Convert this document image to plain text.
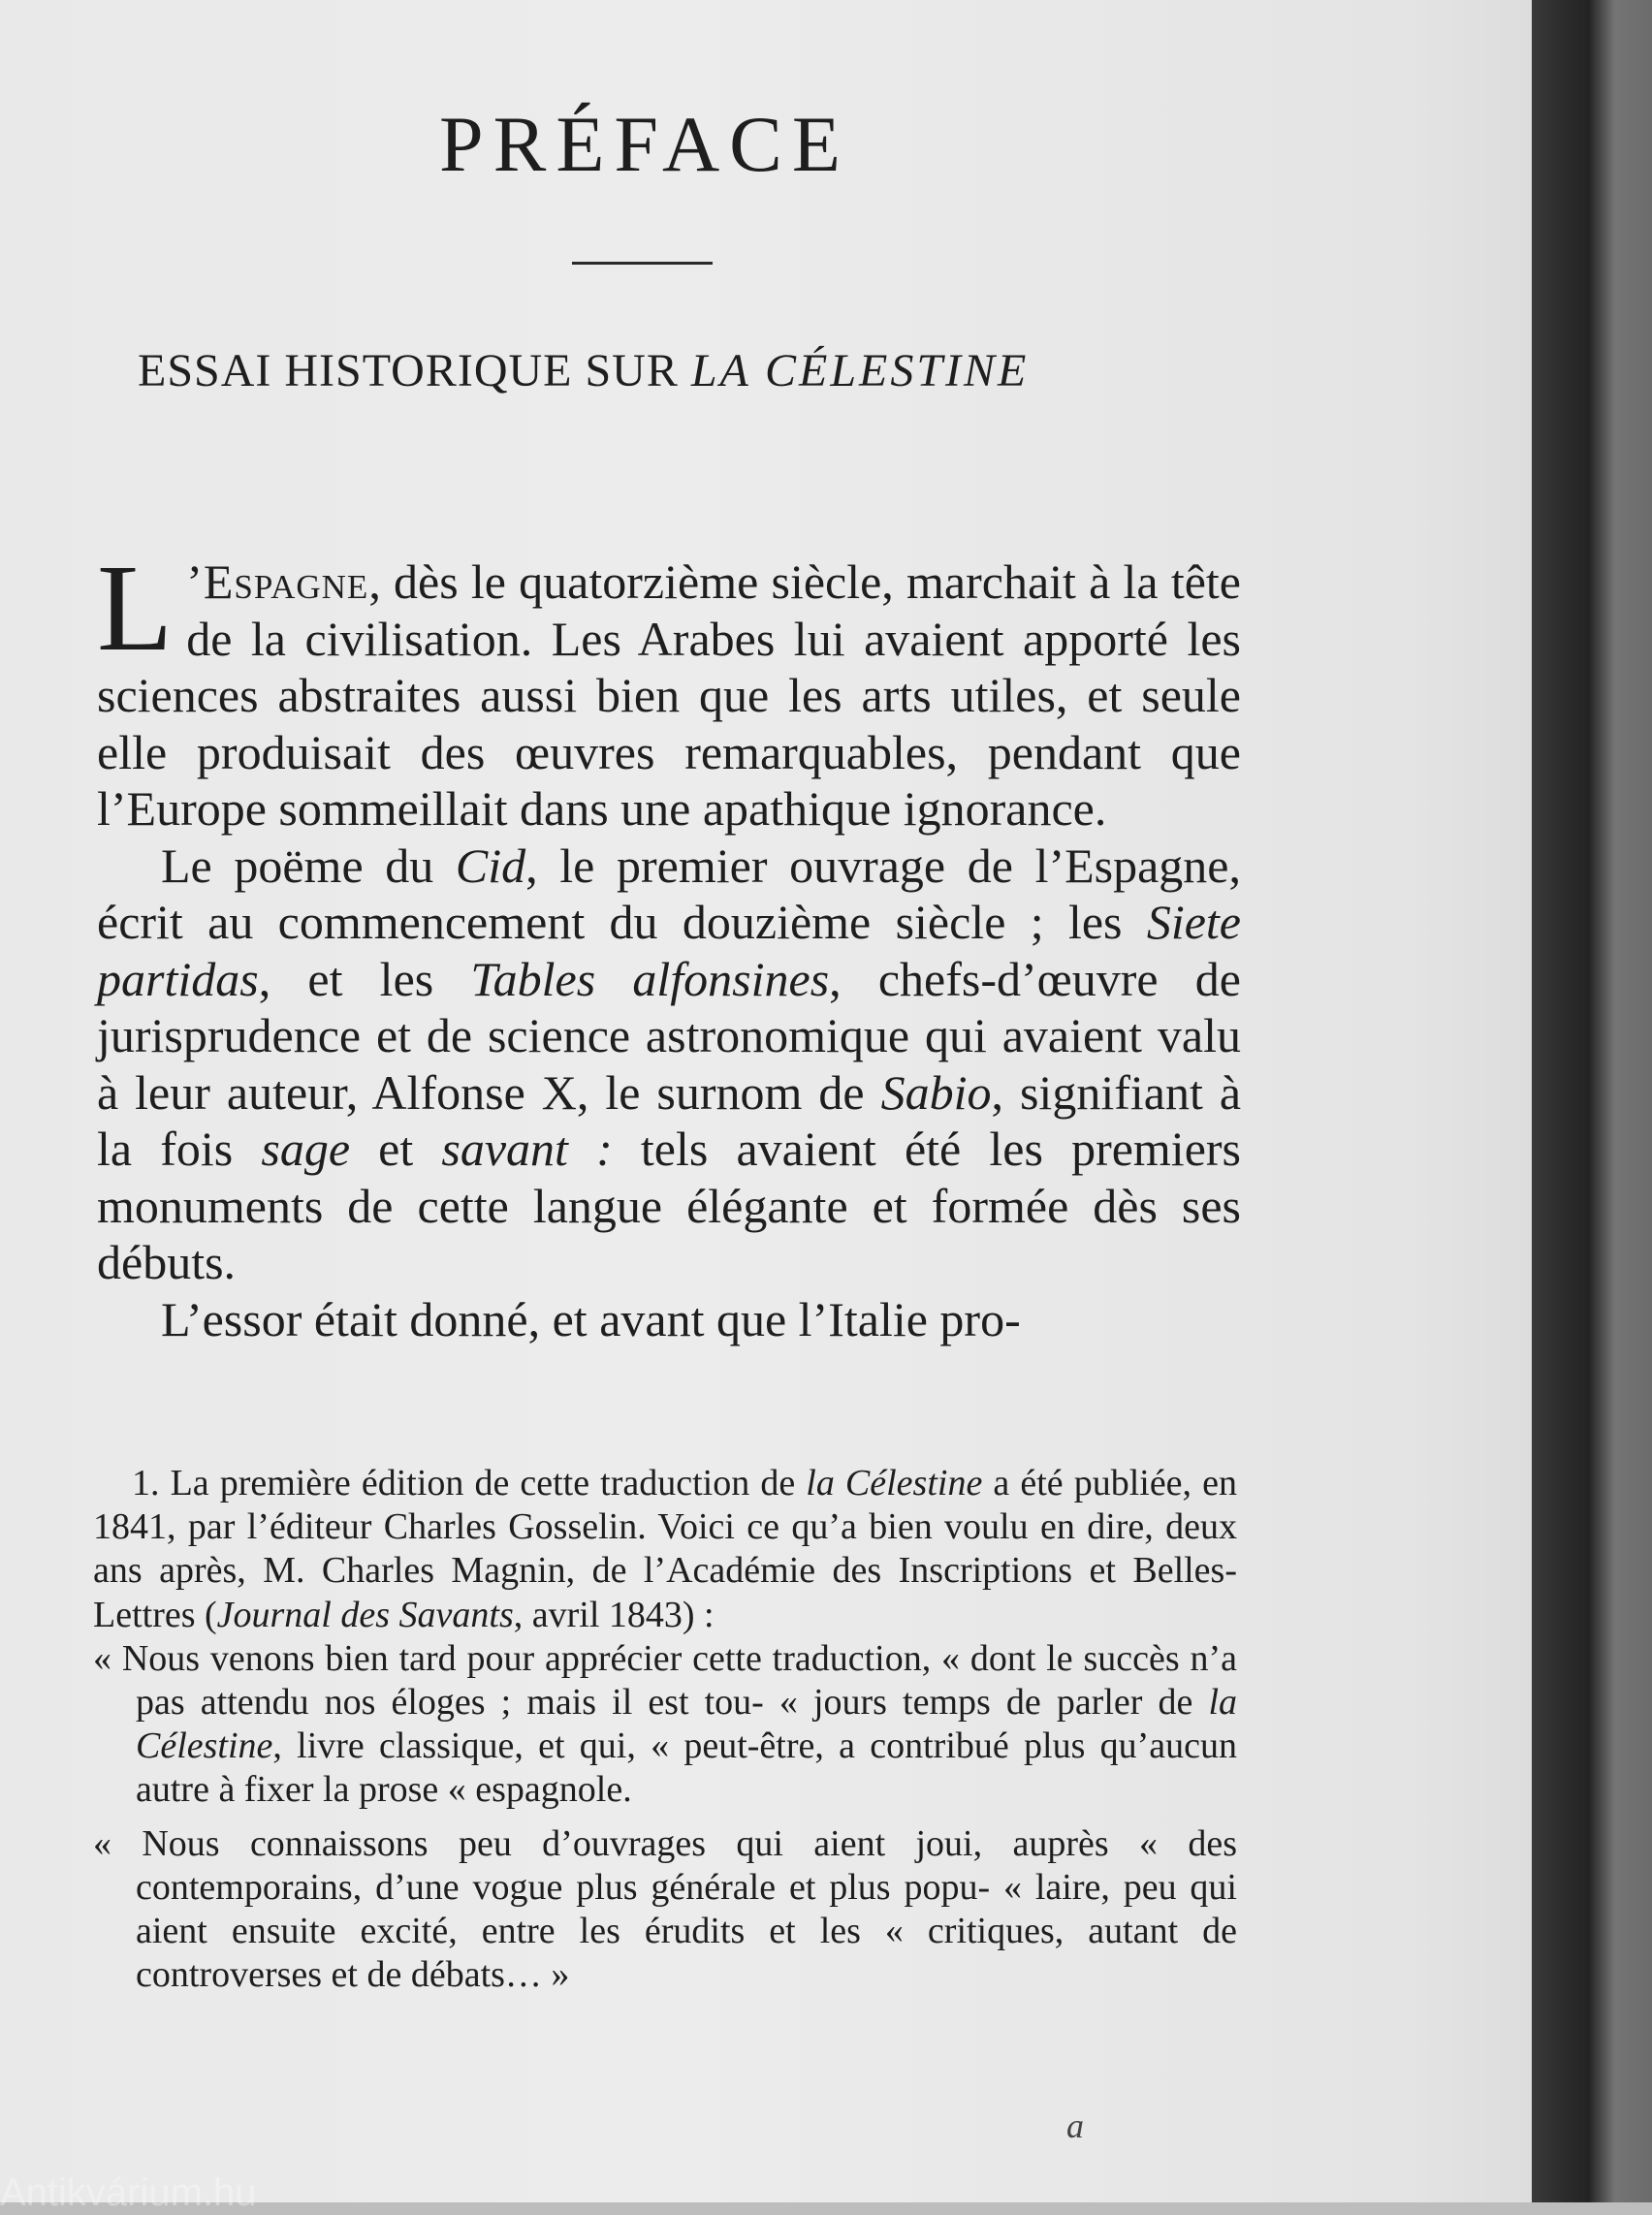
PRÉFACE
ESSAI HISTORIQUE SUR LA CÉLESTINE

L ’Espagne, dès le quatorzième siècle, marchait à la tête de la civilisation. Les Arabes lui avaient apporté les sciences abstraites aussi bien que les arts utiles, et seule elle produisait des œuvres remarquables, pendant que l’Europe sommeillait dans une apathique ignorance.

Le poëme du Cid, le premier ouvrage de l’Espagne, écrit au commencement du douzième siècle ; les Siete partidas, et les Tables alfonsines, chefs-d’œuvre de jurisprudence et de science astronomique qui avaient valu à leur auteur, Alfonse X, le surnom de Sabio, signifiant à la fois sage et savant : tels avaient été les premiers monuments de cette langue élégante et formée dès ses débuts.

L’essor était donné, et avant que l’Italie pro-

1. La première édition de cette traduction de la Célestine a été publiée, en 1841, par l’éditeur Charles Gosselin. Voici ce qu’a bien voulu en dire, deux ans après, M. Charles Magnin, de l’Académie des Inscriptions et Belles-Lettres (Journal des Savants, avril 1843) :

« Nous venons bien tard pour apprécier cette traduction, « dont le succès n’a pas attendu nos éloges ; mais il est tou- « jours temps de parler de la Célestine, livre classique, et qui, « peut-être, a contribué plus qu’aucun autre à fixer la prose « espagnole.

« Nous connaissons peu d’ouvrages qui aient joui, auprès « des contemporains, d’une vogue plus générale et plus popu- « laire, peu qui aient ensuite excité, entre les érudits et les « critiques, autant de controverses et de débats… »

a
Antikvárium.hu
